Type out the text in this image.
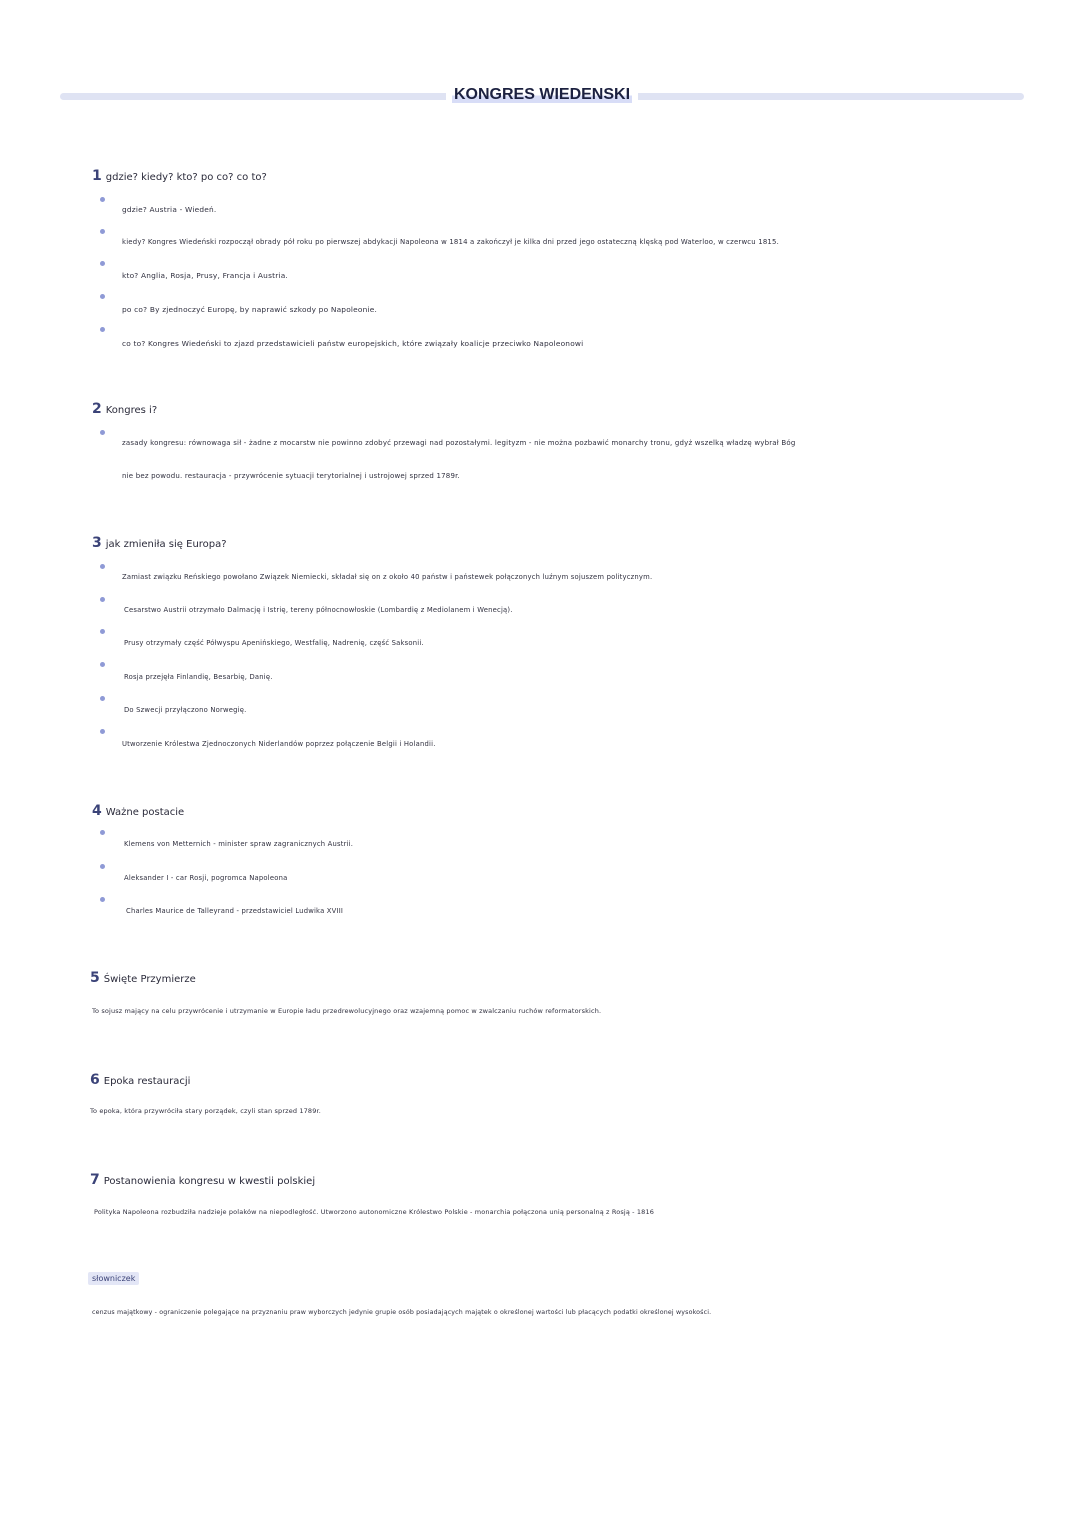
KONGRES WIEDENSKI
1 gdzie? kiedy? kto? po co? co to?
gdzie? Austria - Wiedeń.
kiedy? Kongres Wiedeński rozpoczął obrady pół roku po pierwszej abdykacji Napoleona w 1814 a zakończył je kilka dni przed jego ostateczną klęską pod Waterloo, w czerwcu 1815.
kto? Anglia, Rosja, Prusy, Francja i Austria.
po co? By zjednoczyć Europę, by naprawić szkody po Napoleonie.
co to? Kongres Wiedeński to zjazd przedstawicieli państw europejskich, które związały koalicje przeciwko Napoleonowi
2 Kongres i?
zasady kongresu: równowaga sił - żadne z mocarstw nie powinno zdobyć przewagi nad pozostałymi. legityzm - nie można pozbawić monarchy tronu, gdyż wszelką władzę wybrał Bóg
nie bez powodu. restauracja - przywrócenie sytuacji terytorialnej i ustrojowej sprzed 1789r.
3 jak zmieniła się Europa?
Zamiast związku Reńskiego powołano Związek Niemiecki, składał się on z około 40 państw i państewek połączonych luźnym sojuszem politycznym.
Cesarstwo Austrii otrzymało Dalmację i Istrię, tereny północnowłoskie (Lombardię z Mediolanem i Wenecją).
Prusy otrzymały część Półwyspu Apenińskiego, Westfalię, Nadrenię, część Saksonii.
Rosja przejęła Finlandię, Besarbię, Danię.
Do Szwecji przyłączono Norwegię.
Utworzenie Królestwa Zjednoczonych Niderlandów poprzez połączenie Belgii i Holandii.
4 Ważne postacie
Klemens von Metternich - minister spraw zagranicznych Austrii.
Aleksander I - car Rosji, pogromca Napoleona
Charles Maurice de Talleyrand - przedstawiciel Ludwika XVIII
5 Święte Przymierze
To sojusz mający na celu przywrócenie i utrzymanie w Europie ładu przedrewolucyjnego oraz wzajemną pomoc w zwalczaniu ruchów reformatorskich.
6 Epoka restauracji
To epoka, która przywróciła stary porządek, czyli stan sprzed 1789r.
7 Postanowienia kongresu w kwestii polskiej
Polityka Napoleona rozbudziła nadzieje polaków na niepodległość. Utworzono autonomiczne Królestwo Polskie - monarchia połączona unią personalną z Rosją - 1816
słowniczek
cenzus majątkowy - ograniczenie polegające na przyznaniu praw wyborczych jedynie grupie osób posiadających majątek o określonej wartości lub płacących podatki określonej wysokości.
